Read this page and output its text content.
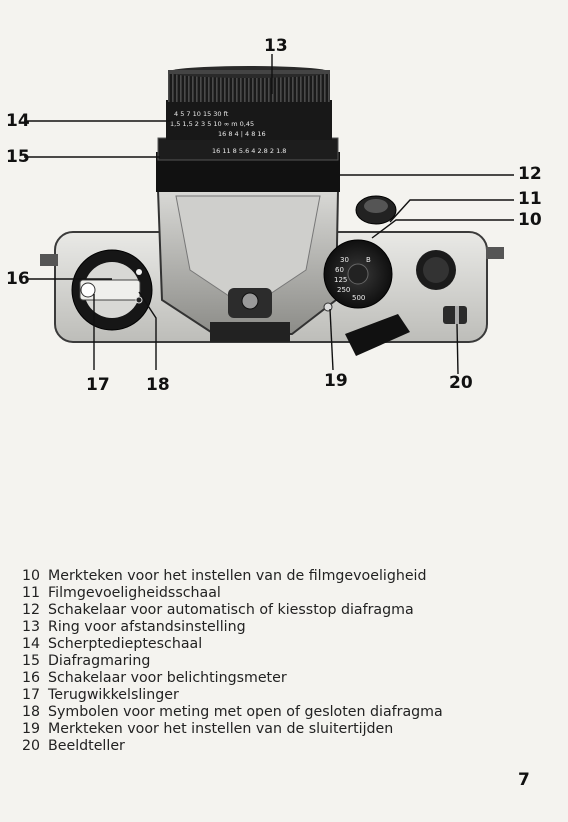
4 5 7 10 15 30 ft
1,5 1,5 2 3 5 10 ∞ m 0,45
16 8 4 | 4 8 16
16 11 8 5.6 4 2.8 2 1.8
30
60
125
250
500
B
13
14
15
12
11
10
16
17 18	19	20
10 Merkteken voor het instellen van de filmgevoeligheid
11 Filmgevoeligheidsschaal
12 Schakelaar voor automatisch of kiesstop diafragma
13 Ring voor afstandsinstelling
14 Scherptediepteschaal
15 Diafragmaring
16 Schakelaar voor belichtingsmeter
17 Terugwikkelslinger
18 Symbolen voor meting met open of gesloten diafragma
19 Merkteken voor het instellen van de sluitertijden
20 Beeldteller
7
